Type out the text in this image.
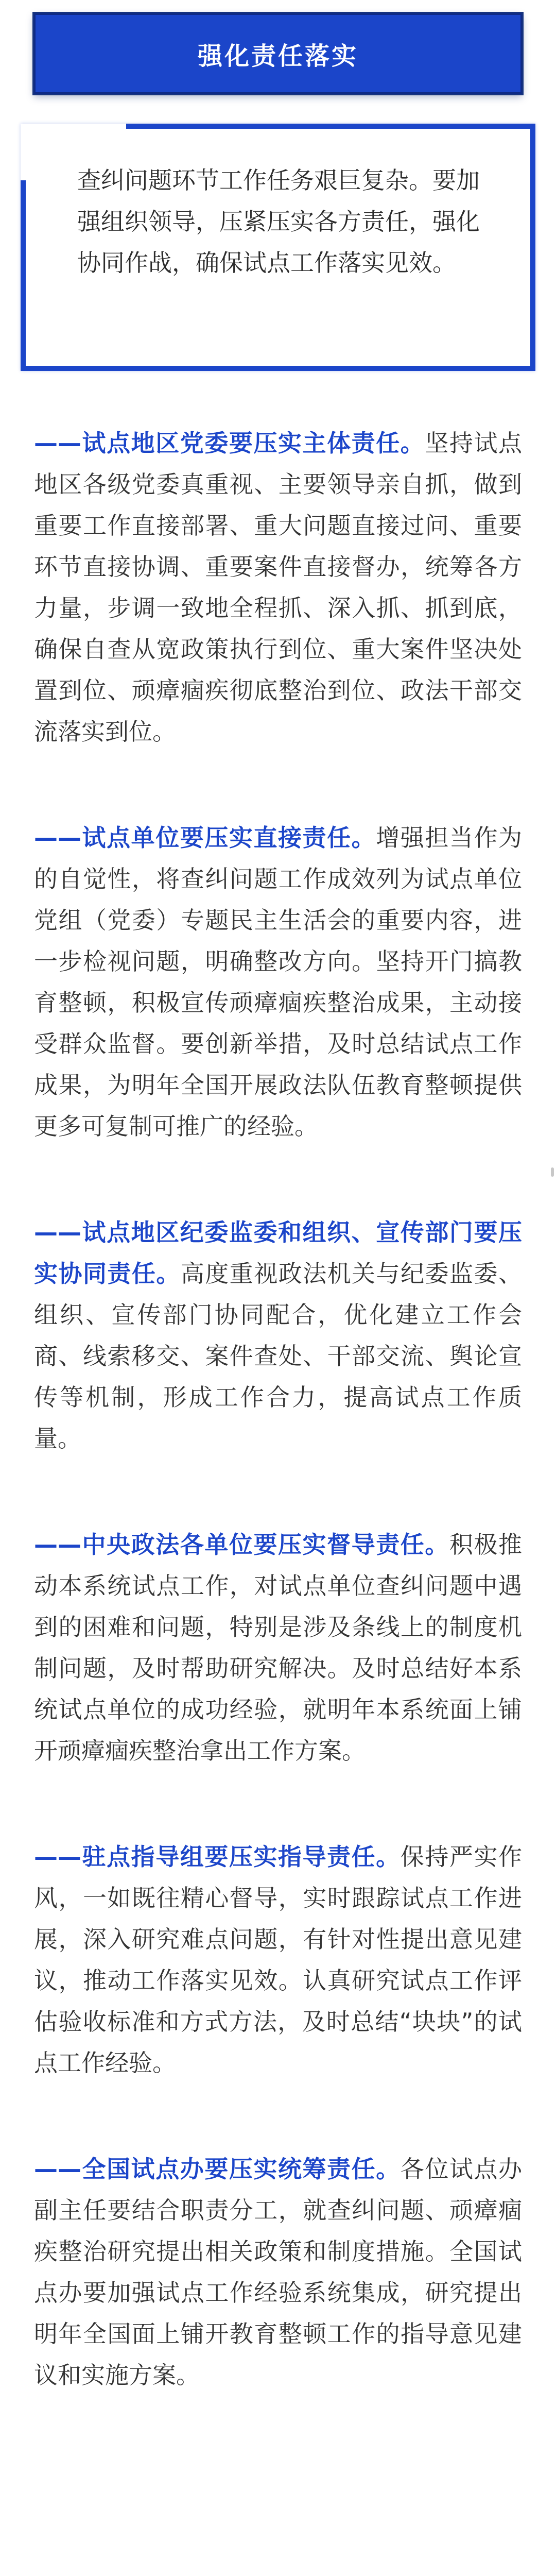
强化责任落实

查纠问题环节工作任务艰巨复杂。要加强组织领导，压紧压实各方责任，强化协同作战，确保试点工作落实见效。

——试点地区党委要压实主体责任。坚持试点地区各级党委真重视、主要领导亲自抓，做到重要工作直接部署、重大问题直接过问、重要环节直接协调、重要案件直接督办，统筹各方力量，步调一致地全程抓、深入抓、抓到底，确保自查从宽政策执行到位、重大案件坚决处置到位、顽瘴痼疾彻底整治到位、政法干部交流落实到位。

——试点单位要压实直接责任。增强担当作为的自觉性，将查纠问题工作成效列为试点单位党组（党委）专题民主生活会的重要内容，进一步检视问题，明确整改方向。坚持开门搞教育整顿，积极宣传顽瘴痼疾整治成果，主动接受群众监督。要创新举措，及时总结试点工作成果，为明年全国开展政法队伍教育整顿提供更多可复制可推广的经验。

——试点地区纪委监委和组织、宣传部门要压实协同责任。高度重视政法机关与纪委监委、组织、宣传部门协同配合，优化建立工作会商、线索移交、案件查处、干部交流、舆论宣传等机制，形成工作合力，提高试点工作质量。

——中央政法各单位要压实督导责任。积极推动本系统试点工作，对试点单位查纠问题中遇到的困难和问题，特别是涉及条线上的制度机制问题，及时帮助研究解决。及时总结好本系统试点单位的成功经验，就明年本系统面上铺开顽瘴痼疾整治拿出工作方案。

——驻点指导组要压实指导责任。保持严实作风，一如既往精心督导，实时跟踪试点工作进展，深入研究难点问题，有针对性提出意见建议，推动工作落实见效。认真研究试点工作评估验收标准和方式方法，及时总结“块块”的试点工作经验。

——全国试点办要压实统筹责任。各位试点办副主任要结合职责分工，就查纠问题、顽瘴痼疾整治研究提出相关政策和制度措施。全国试点办要加强试点工作经验系统集成，研究提出明年全国面上铺开教育整顿工作的指导意见建议和实施方案。
